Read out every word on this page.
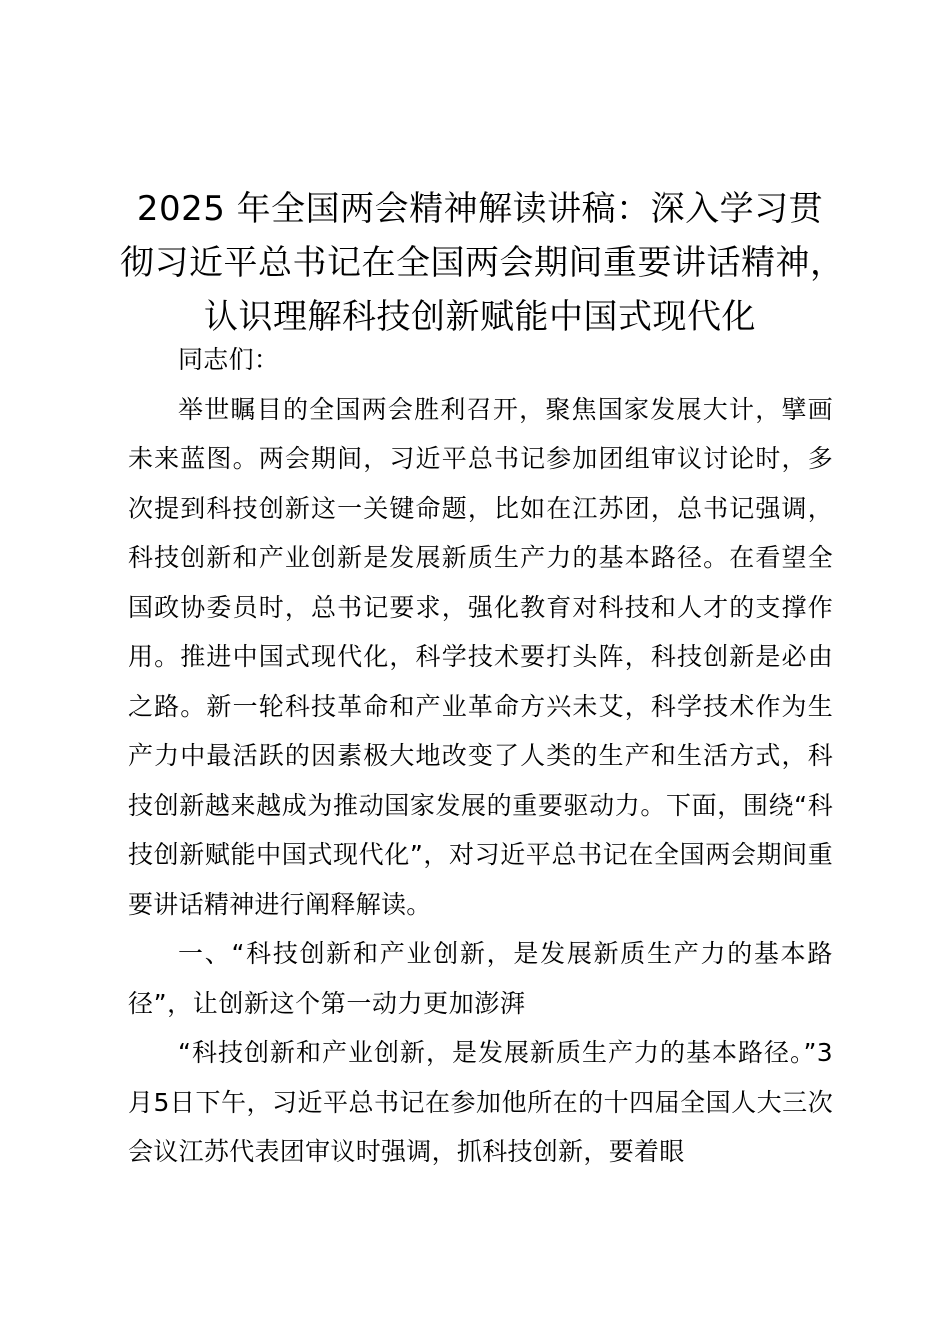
2025 年全国两会精神解读讲稿：深入学习贯
彻习近平总书记在全国两会期间重要讲话精神，
认识理解科技创新赋能中国式现代化

同志们：

举世瞩目的全国两会胜利召开，聚焦国家发展大计，擘画未来蓝图。两会期间，习近平总书记参加团组审议讨论时，多次提到科技创新这一关键命题，比如在江苏团，总书记强调，科技创新和产业创新是发展新质生产力的基本路径。在看望全国政协委员时，总书记要求，强化教育对科技和人才的支撑作用。推进中国式现代化，科学技术要打头阵，科技创新是必由之路。新一轮科技革命和产业革命方兴未艾，科学技术作为生产力中最活跃的因素极大地改变了人类的生产和生活方式，科技创新越来越成为推动国家发展的重要驱动力。下面，围绕“科技创新赋能中国式现代化”，对习近平总书记在全国两会期间重要讲话精神进行阐释解读。

一、“科技创新和产业创新，是发展新质生产力的基本路径”，让创新这个第一动力更加澎湃

“科技创新和产业创新，是发展新质生产力的基本路径。”3月5日下午，习近平总书记在参加他所在的十四届全国人大三次会议江苏代表团审议时强调，抓科技创新，要着眼
